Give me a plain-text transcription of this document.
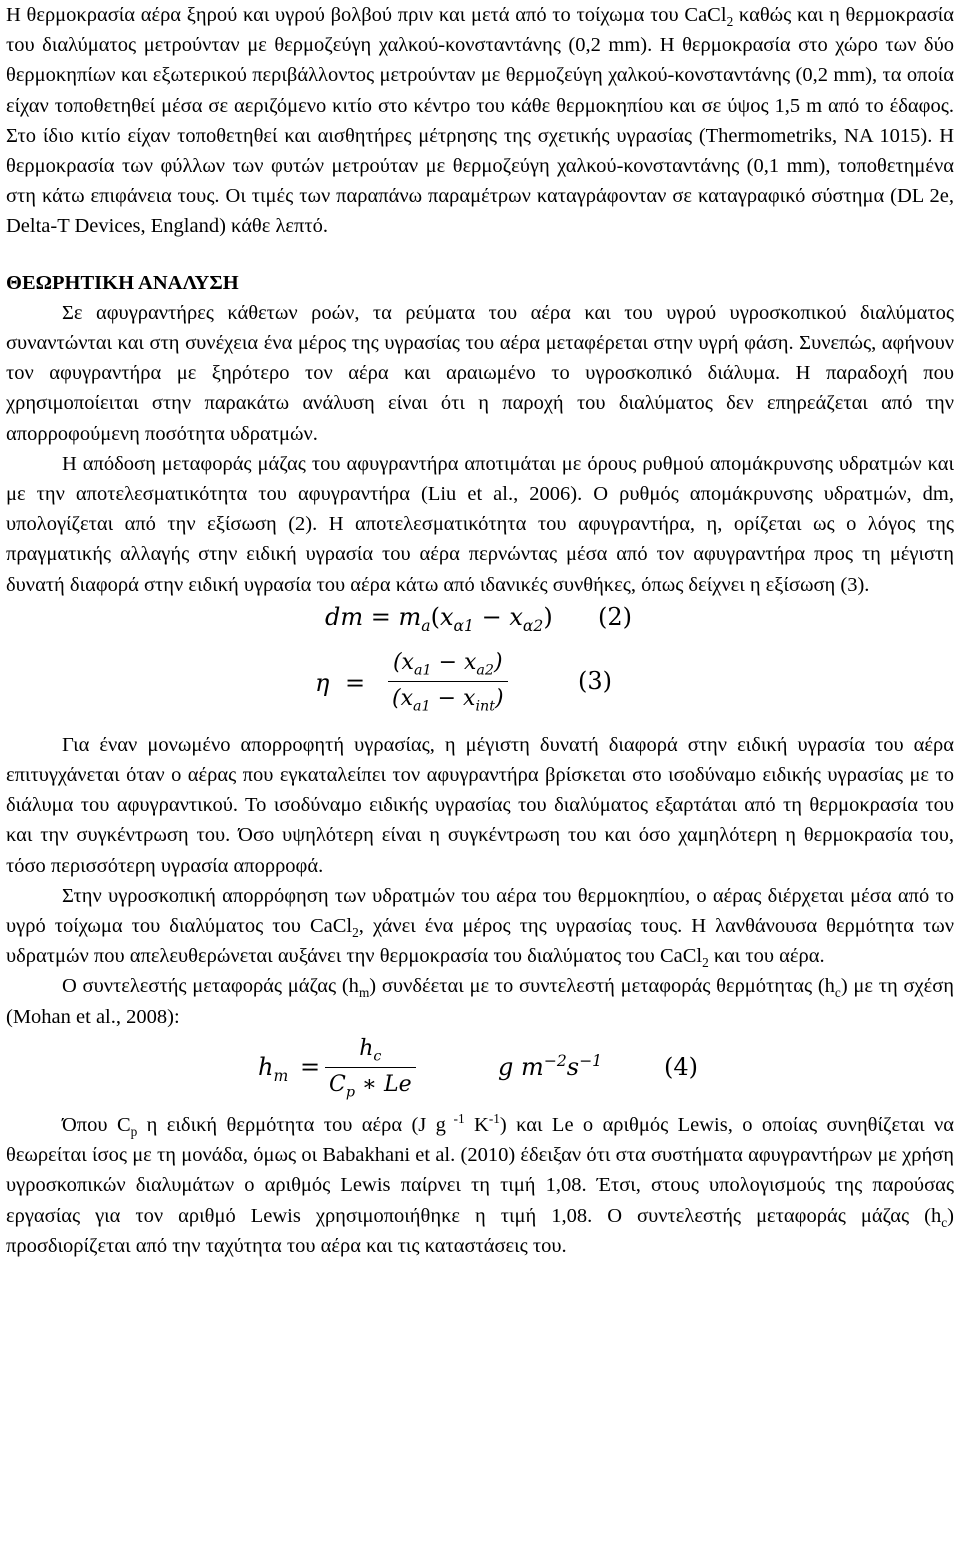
Η θερμοκρασία αέρα ξηρού και υγρού βολβού πριν και μετά από το τοίχωμα του CaCl$_2$ καθώς και η θερμοκρασία του διαλύματος μετρούνταν με θερμοζεύγη χαλκού-κονσταντάνης (0,2 mm). Η θερμοκρασία στο χώρο των δύο θερμοκηπίων και εξωτερικού περιβάλλοντος μετρούνταν με θερμοζεύγη χαλκού-κονσταντάνης (0,2 mm), τα οποία είχαν τοποθετηθεί μέσα σε αεριζόμενο κιτίο στο κέντρο του κάθε θερμοκηπίου και σε ύψος 1,5 m από το έδαφος. Στο ίδιο κιτίο είχαν τοποθετηθεί και αισθητήρες μέτρησης της σχετικής υγρασίας (Thermometriks, NA 1015). Η θερμοκρασία των φύλλων των φυτών μετρούταν με θερμοζεύγη χαλκού-κονσταντάνης (0,1 mm), τοποθετημένα στη κάτω επιφάνεια τους. Οι τιμές των παραπάνω παραμέτρων καταγράφονταν σε καταγραφικό σύστημα (DL 2e, Delta-T Devices, England) κάθε λεπτό.

ΘΕΩΡΗΤΙΚΗ ΑΝΑΛΥΣΗ

Σε αφυγραντήρες κάθετων ροών, τα ρεύματα του αέρα και του υγρού υγροσκοπικού διαλύματος συναντώνται και στη συνέχεια ένα μέρος της υγρασίας του αέρα μεταφέρεται στην υγρή φάση. Συνεπώς, αφήνουν τον αφυγραντήρα με ξηρότερο τον αέρα και αραιωμένο το υγροσκοπικό διάλυμα. Η παραδοχή που χρησιμοποίειται στην παρακάτω ανάλυση είναι ότι η παροχή του διαλύματος δεν επηρεάζεται από την απορροφούμενη ποσότητα υδρατμών.

Η απόδοση μεταφοράς μάζας του αφυγραντήρα αποτιμάται με όρους ρυθμού απομάκρυνσης υδρατμών και με την αποτελεσματικότητα του αφυγραντήρα (Liu et al., 2006). Ο ρυθμός απομάκρυνσης υδρατμών, dm, υπολογίζεται από την εξίσωση (2). Η αποτελεσματικότητα του αφυγραντήρα, η, ορίζεται ως ο λόγος της πραγματικής αλλαγής στην ειδική υγρασία του αέρα περνώντας μέσα από τον αφυγραντήρα προς τη μέγιστη δυνατή διαφορά στην ειδική υγρασία του αέρα κάτω από ιδανικές συνθήκες, όπως δείχνει η εξίσωση (3).

dm = $m_a(x_{\alpha 1} - x_{\alpha 2})$ (2)
η =
$(x_{a1} - x_{a2})$
$(x_{a1} - x_{int})$
(3)

Για έναν μονωμένο απορροφητή υγρασίας, η μέγιστη δυνατή διαφορά στην ειδική υγρασία του αέρα επιτυγχάνεται όταν ο αέρας που εγκαταλείπει τον αφυγραντήρα βρίσκεται στο ισοδύναμο ειδικής υγρασίας με το διάλυμα του αφυγραντικού. Το ισοδύναμο ειδικής υγρασίας του διαλύματος εξαρτάται από τη θερμοκρασία του και την συγκέντρωση του. Όσο υψηλότερη είναι η συγκέντρωση του και όσο χαμηλότερη η θερμοκρασία του, τόσο περισσότερη υγρασία απορροφά.

Στην υγροσκοπική απορρόφηση των υδρατμών του αέρα του θερμοκηπίου, ο αέρας διέρχεται μέσα από το υγρό τοίχωμα του διαλύματος του CaCl$_2$, χάνει ένα μέρος της υγρασίας τους. Η λανθάνουσα θερμότητα των υδρατμών που απελευθερώνεται αυξάνει την θερμοκρασία του διαλύματος του CaCl$_2$ και του αέρα.

Ο συντελεστής μεταφοράς μάζας $(h_m)$ συνδέεται με το συντελεστή μεταφοράς θερμότητας $(h_c)$ με τη σχέση (Mohan et al., 2008):

$h_m = \frac{h_c}{C_p ∗ Le}$	g $m^{-2}s^{-1}$	(4)

Όπου $C_p$ η ειδική θερμότητα του αέρα (J g $^{-1}$ $K^{-1}$) και Le ο αριθμός Lewis, ο οποίας συνηθίζεται να θεωρείται ίσος με τη μονάδα, όμως οι Babakhani et al. (2010) έδειξαν ότι στα συστήματα αφυγραντήρων με χρήση υγροσκοπικών διαλυμάτων ο αριθμός Lewis παίρνει τη τιμή 1,08. Έτσι, στους υπολογισμούς της παρούσας εργασίας για τον αριθμό Lewis χρησιμοποιήθηκε η τιμή 1,08. Ο συντελεστής μεταφοράς μάζας $(h_c)$ προσδιορίζεται από την ταχύτητα του αέρα και τις καταστάσεις του.
